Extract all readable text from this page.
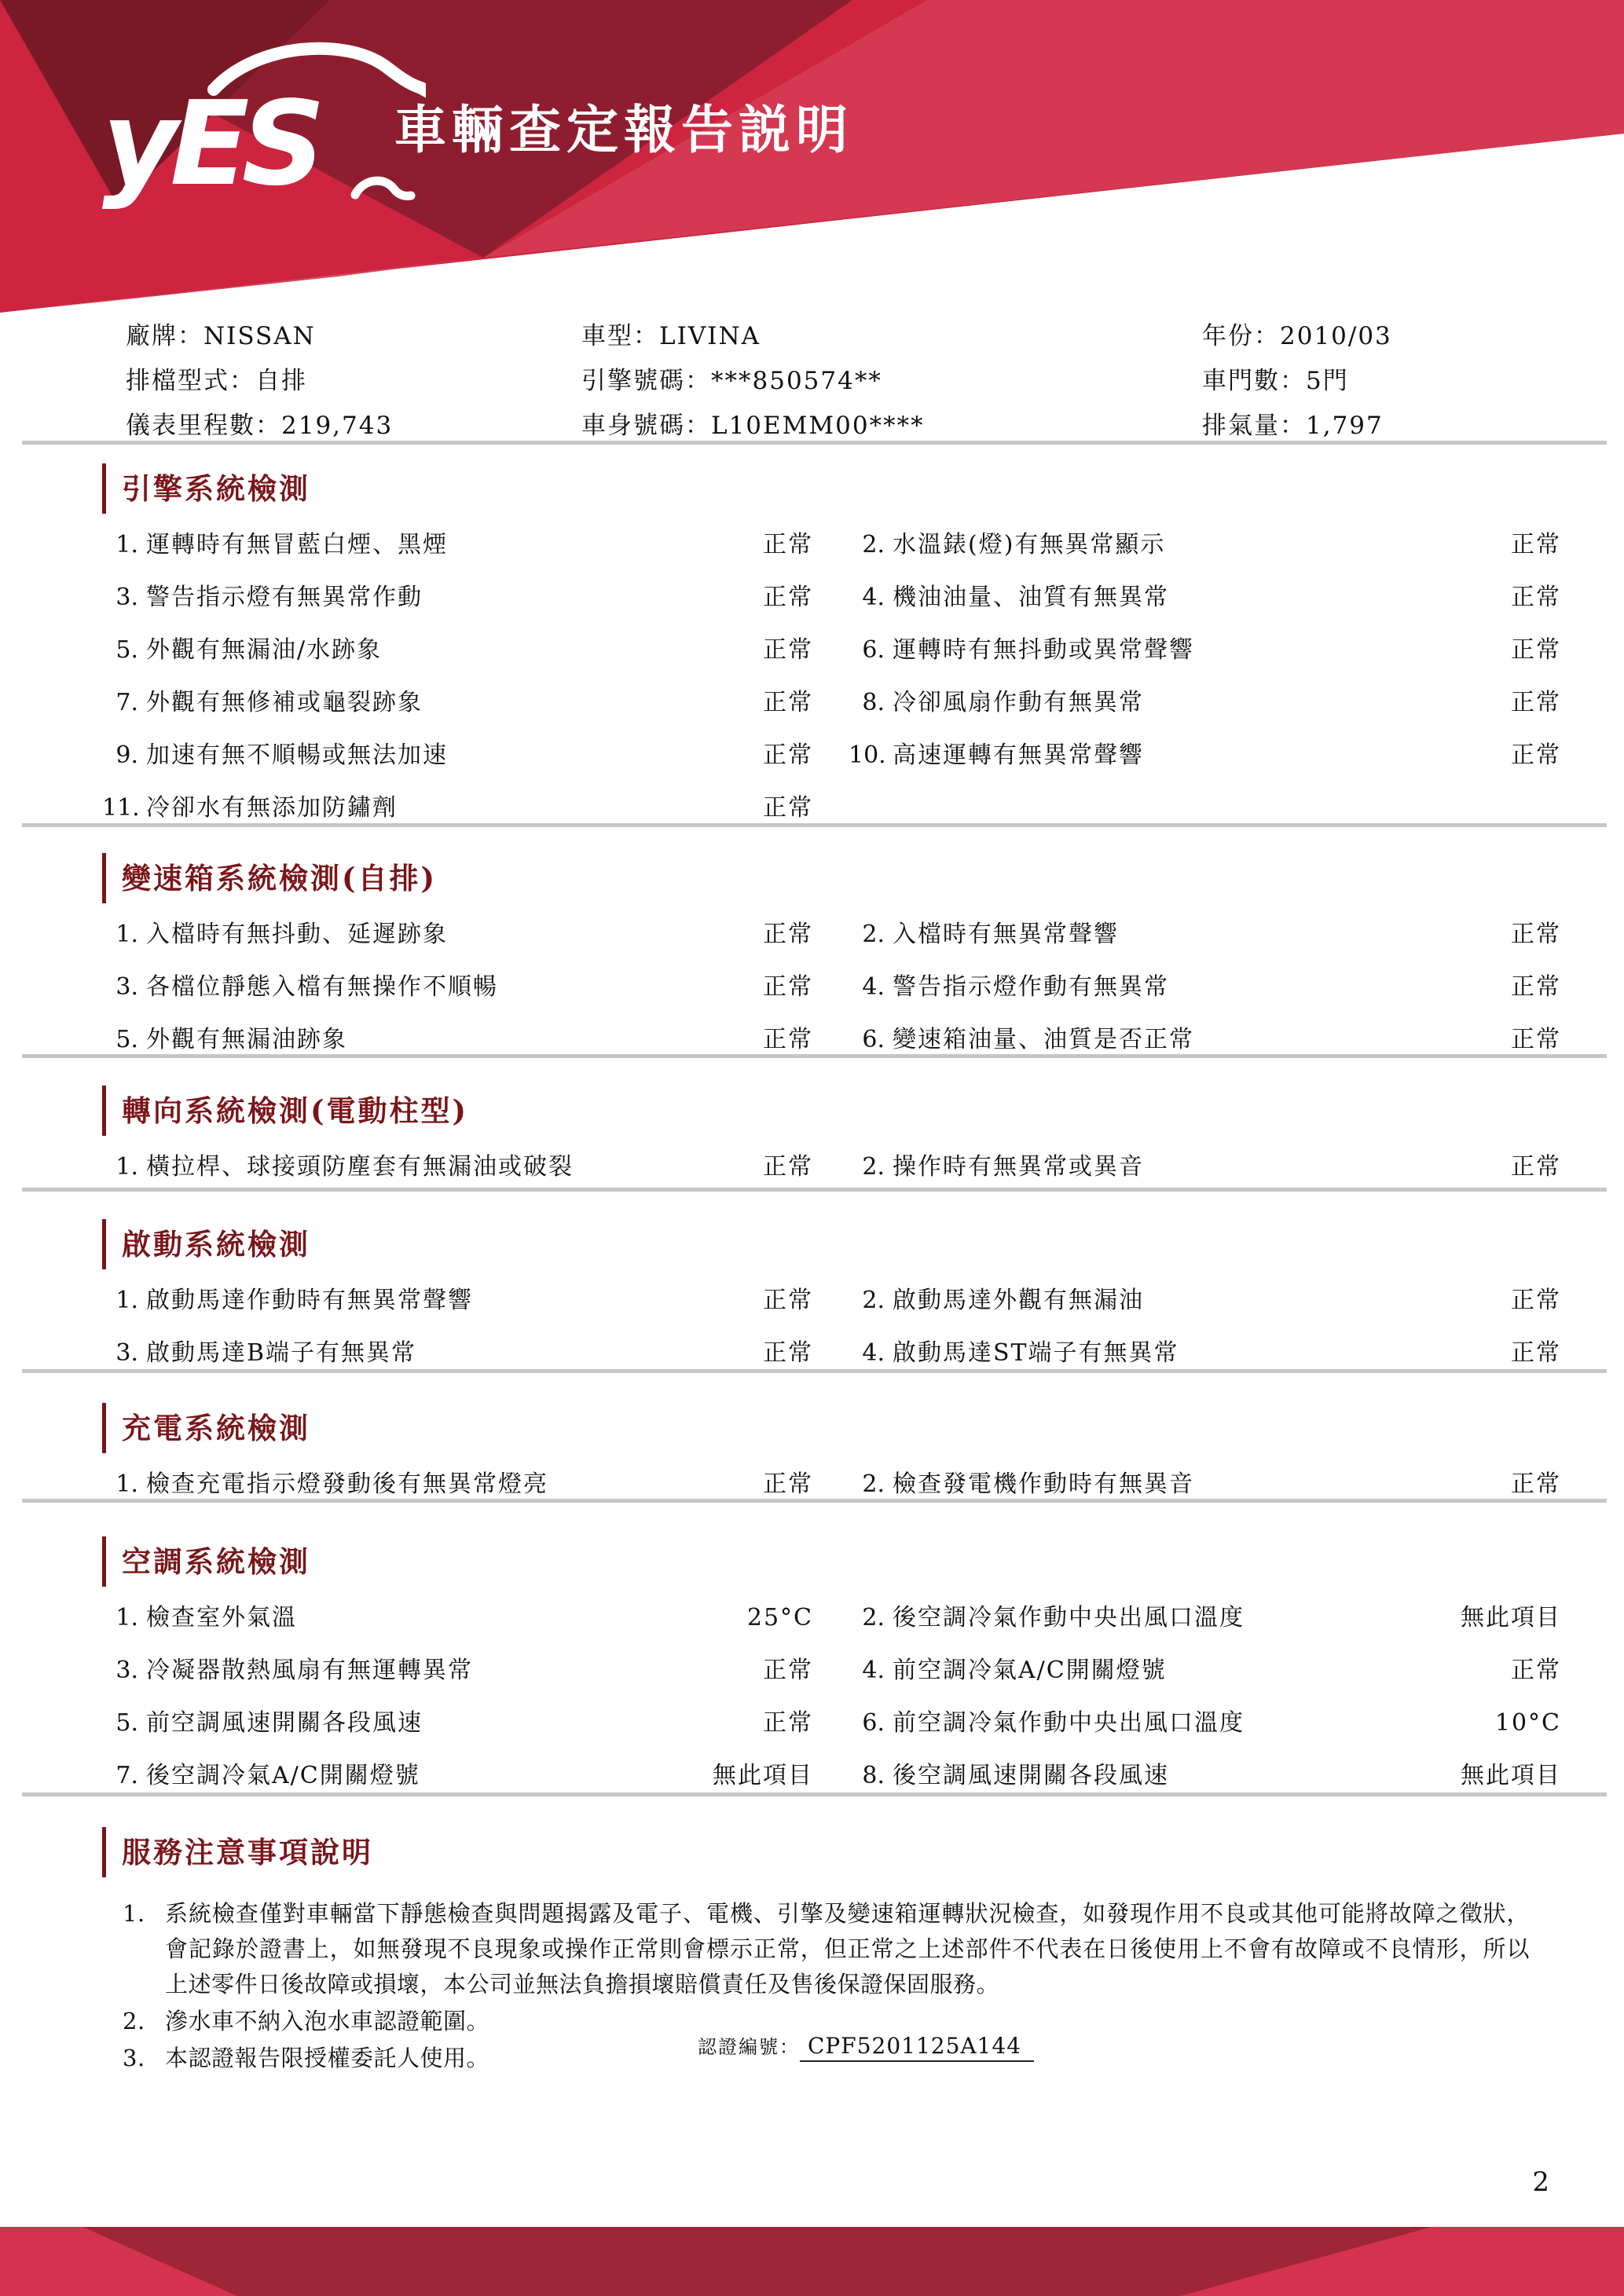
yES 車輛查定報告説明
廠牌：NISSAN	車型：LIVINA	年份：2010/03
排檔型式：自排	引擎號碼：***850574**	車門數：5門
儀表里程數：219,743	車身號碼：L10EMM00****	排氣量：1,797
引擎系統檢測
1. 運轉時有無冒藍白煙、黑煙	正常	2. 水溫錶(燈)有無異常顯示	正常
3. 警告指示燈有無異常作動	正常	4. 機油油量、油質有無異常	正常
5. 外觀有無漏油/水跡象	正常	6. 運轉時有無抖動或異常聲響	正常
7. 外觀有無修補或龜裂跡象	正常	8. 冷卻風扇作動有無異常	正常
9. 加速有無不順暢或無法加速	正常 10. 高速運轉有無異常聲響	正常
11. 冷卻水有無添加防鏽劑	正常
變速箱系統檢測(自排)
1. 入檔時有無抖動、延遲跡象	正常	2. 入檔時有無異常聲響	正常
3. 各檔位靜態入檔有無操作不順暢	正常	4. 警告指示燈作動有無異常	正常
5. 外觀有無漏油跡象	正常	6. 變速箱油量、油質是否正常	正常
轉向系統檢測(電動柱型)
1. 橫拉桿、球接頭防塵套有無漏油或破裂	正常	2. 操作時有無異常或異音	正常
啟動系統檢測
1. 啟動馬達作動時有無異常聲響	正常	2. 啟動馬達外觀有無漏油	正常
3. 啟動馬達B端子有無異常	正常	4. 啟動馬達ST端子有無異常	正常
充電系統檢測
1. 檢查充電指示燈發動後有無異常燈亮	正常	2. 檢查發電機作動時有無異音	正常
空調系統檢測
1. 檢查室外氣溫	25°C	2. 後空調冷氣作動中央出風口溫度	無此項目
3. 冷凝器散熱風扇有無運轉異常	正常	4. 前空調冷氣A/C開關燈號	正常
5. 前空調風速開關各段風速	正常	6. 前空調冷氣作動中央出風口溫度	10°C
7. 後空調冷氣A/C開關燈號	無此項目	8. 後空調風速開關各段風速	無此項目
服務注意事項說明
1. 系統檢查僅對車輛當下靜態檢查與問題揭露及電子、電機、引擎及變速箱運轉狀況檢查，如發現作用不良或其他可能將故障之徵狀，會記錄於證書上，如無發現不良現象或操作正常則會標示正常，但正常之上述部件不代表在日後使用上不會有故障或不良情形，所以上述零件日後故障或損壞，本公司並無法負擔損壞賠償責任及售後保證保固服務。
2. 滲水車不納入泡水車認證範圍。
3. 本認證報告限授權委託人使用。	認證編號： CPF5201125A144
2
